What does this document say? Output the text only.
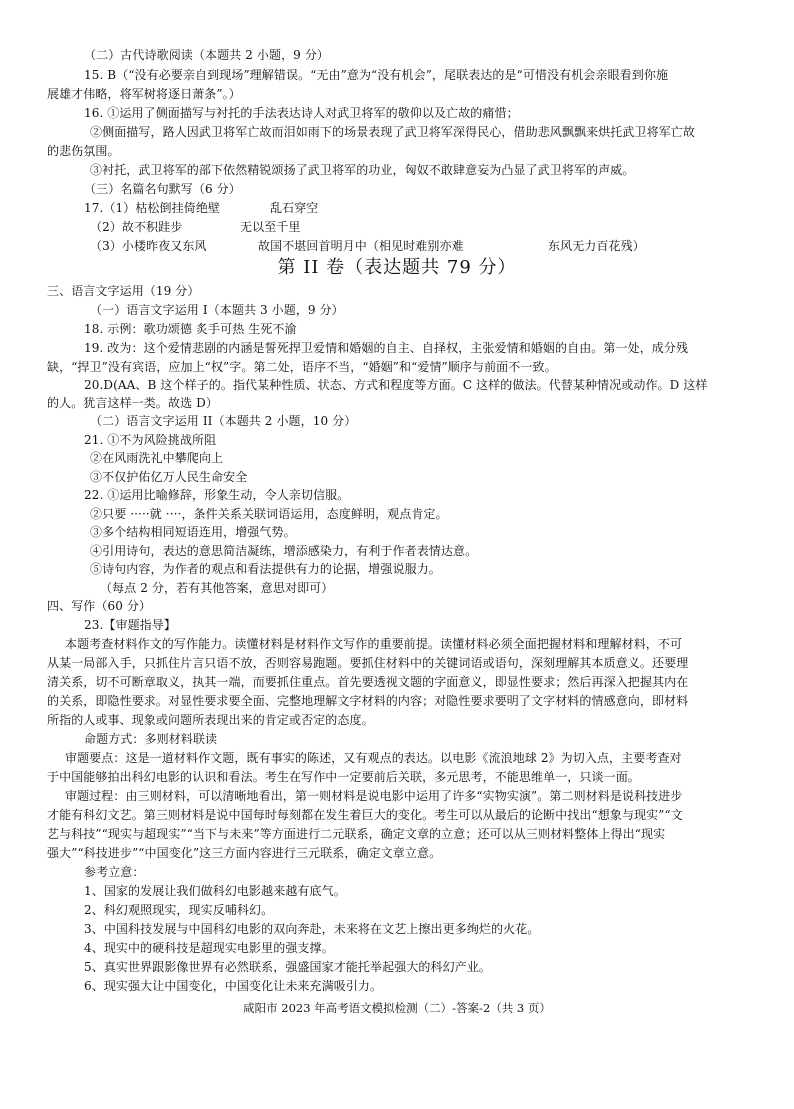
（二）古代诗歌阅读（本题共 2 小题，9 分）
15. B（“没有必要亲自到现场”理解错误。“无由”意为“没有机会”，尾联表达的是“可惜没有机会亲眼看到你施
展雄才伟略，将军树将逐日萧条”。）
16. ①运用了侧面描写与衬托的手法表达诗人对武卫将军的敬仰以及亡故的痛惜；
②侧面描写，路人因武卫将军亡故而泪如雨下的场景表现了武卫将军深得民心，借助悲风飘飘来烘托武卫将军亡故
的悲伤氛围。
③衬托，武卫将军的部下依然精锐颂扬了武卫将军的功业，匈奴不敢肆意妄为凸显了武卫将军的声威。
（三）名篇名句默写（6 分）
17.（1）枯松倒挂倚绝壁	乱石穿空
（2）故不积跬步	无以至千里
（3）小楼昨夜又东风	故国不堪回首明月中（相见时难别亦难	东风无力百花残）
第 II 卷（表达题共 79 分）
三、语言文字运用（19 分）
（一）语言文字运用 I（本题共 3 小题，9 分）
18. 示例：歌功颂德 炙手可热 生死不渝
19. 改为：这个爱情悲剧的内涵是誓死捍卫爱情和婚姻的自主、自择权，主张爱情和婚姻的自由。第一处，成分残
缺，“捍卫”没有宾语，应加上“权”字。第二处，语序不当，“婚姻”和“爱情”顺序与前面不一致。
20.D(AA、B 这个样子的。指代某种性质、状态、方式和程度等方面。C 这样的做法。代替某种情况或动作。D 这样
的人。犹言这样一类。故选 D）
（二）语言文字运用 II（本题共 2 小题，10 分）
21. ①不为风险挑战所阻
②在风雨洗礼中攀爬向上
③不仅护佑亿万人民生命安全
22. ①运用比喻修辞，形象生动，令人亲切信服。
②只要 ·····就 ····，条件关系关联词语运用，态度鲜明，观点肯定。
③多个结构相同短语连用，增强气势。
④引用诗句，表达的意思简洁凝练，增添感染力，有利于作者表情达意。
⑤诗句内容，为作者的观点和看法提供有力的论据，增强说服力。
（每点 2 分，若有其他答案，意思对即可）
四、写作（60 分）
23.【审题指导】
本题考查材料作文的写作能力。读懂材料是材料作文写作的重要前提。读懂材料必须全面把握材料和理解材料，不可
从某一局部入手，只抓住片言只语不放，否则容易跑题。要抓住材料中的关键词语或语句，深刻理解其本质意义。还要理
清关系，切不可断章取义，执其一端，而要抓住重点。首先要透视文题的字面意义，即显性要求；然后再深入把握其内在
的关系，即隐性要求。对显性要求要全面、完整地理解文字材料的内容；对隐性要求要明了文字材料的情感意向，即材料
所指的人或事、现象或问题所表现出来的肯定或否定的态度。
命题方式：多则材料联读
审题要点：这是一道材料作文题，既有事实的陈述，又有观点的表达。以电影《流浪地球 2》为切入点，主要考查对
于中国能够拍出科幻电影的认识和看法。考生在写作中一定要前后关联，多元思考，不能思维单一，只谈一面。
审题过程：由三则材料，可以清晰地看出，第一则材料是说电影中运用了许多“实物实演”。第二则材料是说科技进步
才能有科幻文艺。第三则材料是说中国每时每刻都在发生着巨大的变化。考生可以从最后的论断中找出“想象与现实”“文
艺与科技”“现实与超现实”“当下与未来”等方面进行二元联系，确定文章的立意；还可以从三则材料整体上得出“现实
强大”“科技进步”“中国变化”这三方面内容进行三元联系，确定文章立意。
参考立意：
1、国家的发展让我们做科幻电影越来越有底气。
2、科幻观照现实，现实反哺科幻。
3、中国科技发展与中国科幻电影的双向奔赴，未来将在文艺上擦出更多绚烂的火花。
4、现实中的硬科技是超现实电影里的强支撑。
5、真实世界跟影像世界有必然联系，强盛国家才能托举起强大的科幻产业。
6、现实强大让中国变化，中国变化让未来充满吸引力。
咸阳市 2023 年高考语文模拟检测（二）-答案-2（共 3 页）
